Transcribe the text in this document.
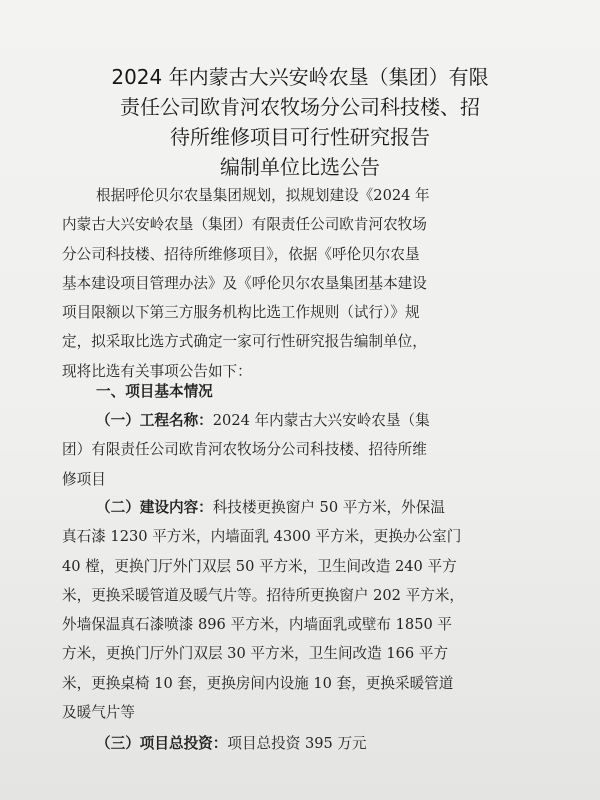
2024 年内蒙古大兴安岭农垦（集团）有限
责任公司欧肯河农牧场分公司科技楼、招
待所维修项目可行性研究报告
编制单位比选公告

根据呼伦贝尔农垦集团规划，拟规划建设《2024 年
内蒙古大兴安岭农垦（集团）有限责任公司欧肯河农牧场
分公司科技楼、招待所维修项目》，依据《呼伦贝尔农垦
基本建设项目管理办法》及《呼伦贝尔农垦集团基本建设
项目限额以下第三方服务机构比选工作规则（试行）》规
定，拟采取比选方式确定一家可行性研究报告编制单位，
现将比选有关事项公告如下：

一、项目基本情况

（一）工程名称：2024 年内蒙古大兴安岭农垦（集
团）有限责任公司欧肯河农牧场分公司科技楼、招待所维
修项目

（二）建设内容：科技楼更换窗户 50 平方米，外保温
真石漆 1230 平方米，内墙面乳 4300 平方米，更换办公室门
40 樘，更换门厅外门双层 50 平方米，卫生间改造 240 平方
米，更换采暖管道及暖气片等。招待所更换窗户 202 平方米，
外墙保温真石漆喷漆 896 平方米，内墙面乳或壁布 1850 平
方米，更换门厅外门双层 30 平方米，卫生间改造 166 平方
米，更换桌椅 10 套，更换房间内设施 10 套，更换采暖管道
及暖气片等

（三）项目总投资：项目总投资 395 万元
